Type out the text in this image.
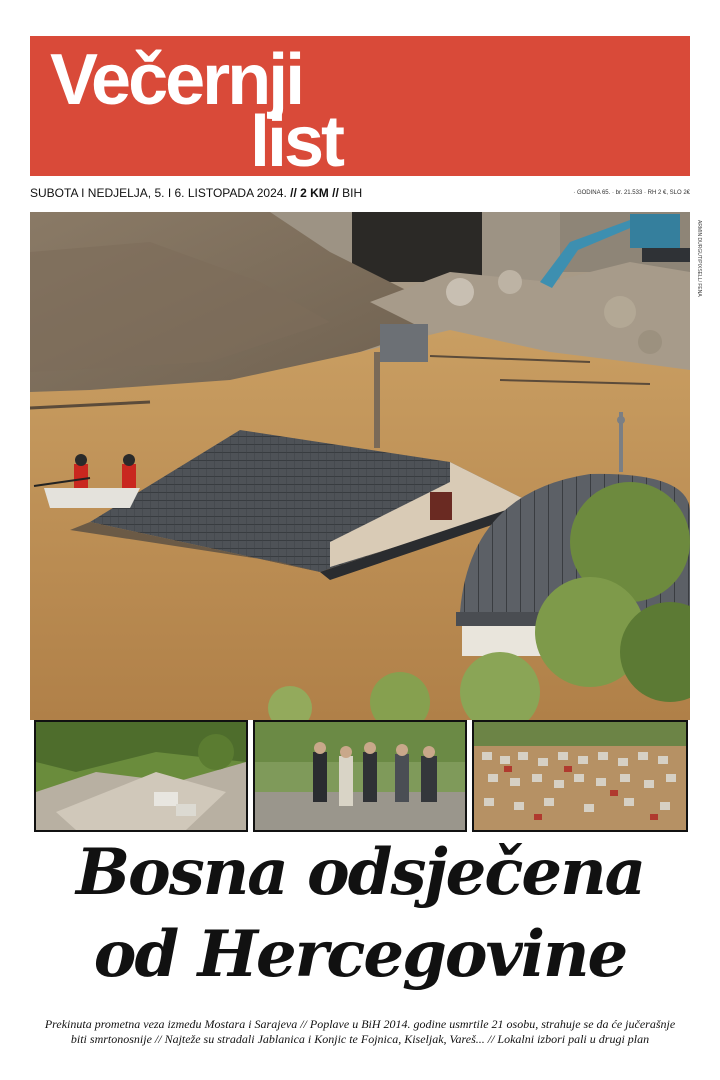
Večernji
list
SUBOTA I NEDJELJA, 5. I 6. LISTOPADA 2024. // 2 KM // BIH	· GODINA 65. · br. 21.533 · RH 2 €, SLO 2€
ARMIN DURGUT/PIXSELL/ FENA
Bosna odsječena
od Hercegovine
Prekinuta prometna veza izmedu Mostara i Sarajeva // Poplave u BiH 2014. godine usmrtile 21 osobu, strahuje se da će jučerašnje
biti smrtonosnije // Najteže su stradali Jablanica i Konjic te Fojnica, Kiseljak, Vareš... // Lokalni izbori pali u drugi plan
